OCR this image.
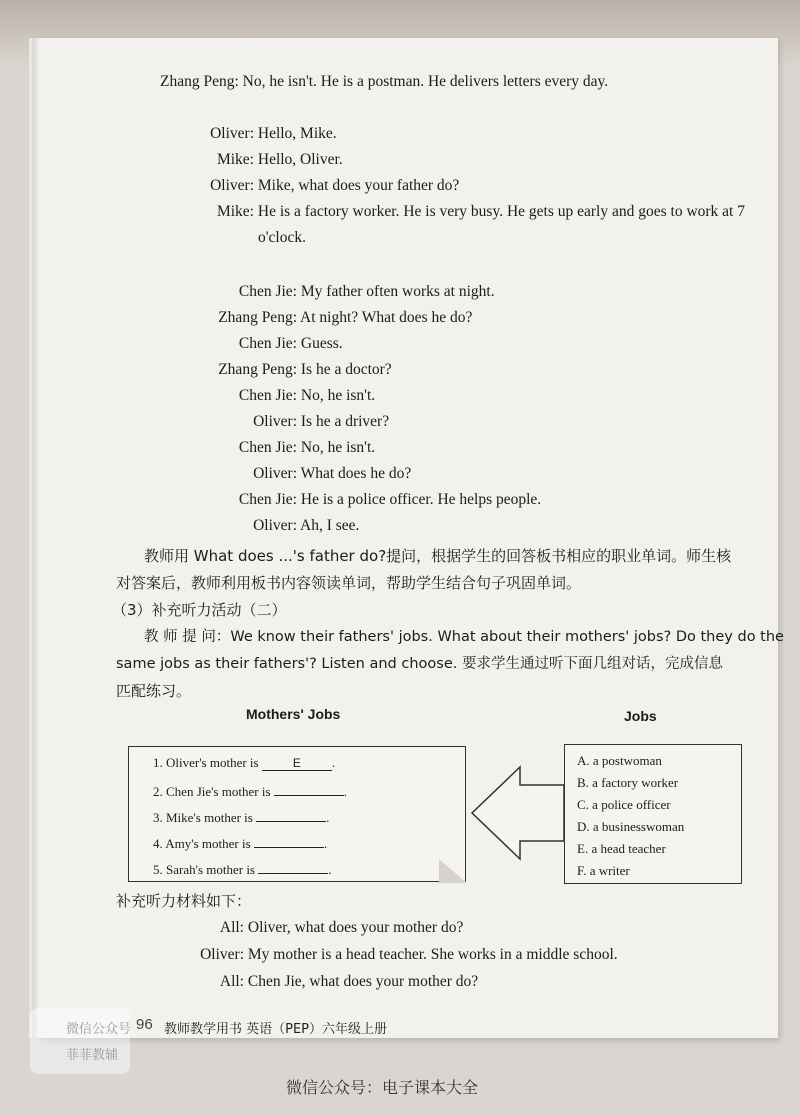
Zhang Peng: No, he isn't. He is a postman. He delivers letters every day.
Oliver: Hello, Mike.
Mike: Hello, Oliver.
Oliver: Mike, what does your father do?
Mike: He is a factory worker. He is very busy. He gets up early and goes to work at 7
o'clock.
Chen Jie: My father often works at night.
Zhang Peng: At night? What does he do?
Chen Jie: Guess.
Zhang Peng: Is he a doctor?
Chen Jie: No, he isn't.
Oliver: Is he a driver?
Chen Jie: No, he isn't.
Oliver: What does he do?
Chen Jie: He is a police officer. He helps people.
Oliver: Ah, I see.
教师用 What does ...'s father do?提问，根据学生的回答板书相应的职业单词。师生核
对答案后，教师利用板书内容领读单词，帮助学生结合句子巩固单词。
（3）补充听力活动（二）
教 师 提 问：We know their fathers' jobs. What about their mothers' jobs? Do they do the
same jobs as their fathers'? Listen and choose. 要求学生通过听下面几组对话，完成信息
匹配练习。
Mothers' Jobs	Jobs
1. Oliver's mother is	E .
2. Chen Jie's mother is	.
3. Mike's mother is	.
4. Amy's mother is	.
5. Sarah's mother is	.
A. a postwoman
B. a factory worker
C. a police officer
D. a businesswoman
E. a head teacher
F. a writer
补充听力材料如下：
All: Oliver, what does your mother do?
Oliver: My mother is a head teacher. She works in a middle school.
All: Chen Jie, what does your mother do?
微信公众号 96 教师教学用书 英语（PEP）六年级上册
菲菲教辅
微信公众号：电子课本大全
